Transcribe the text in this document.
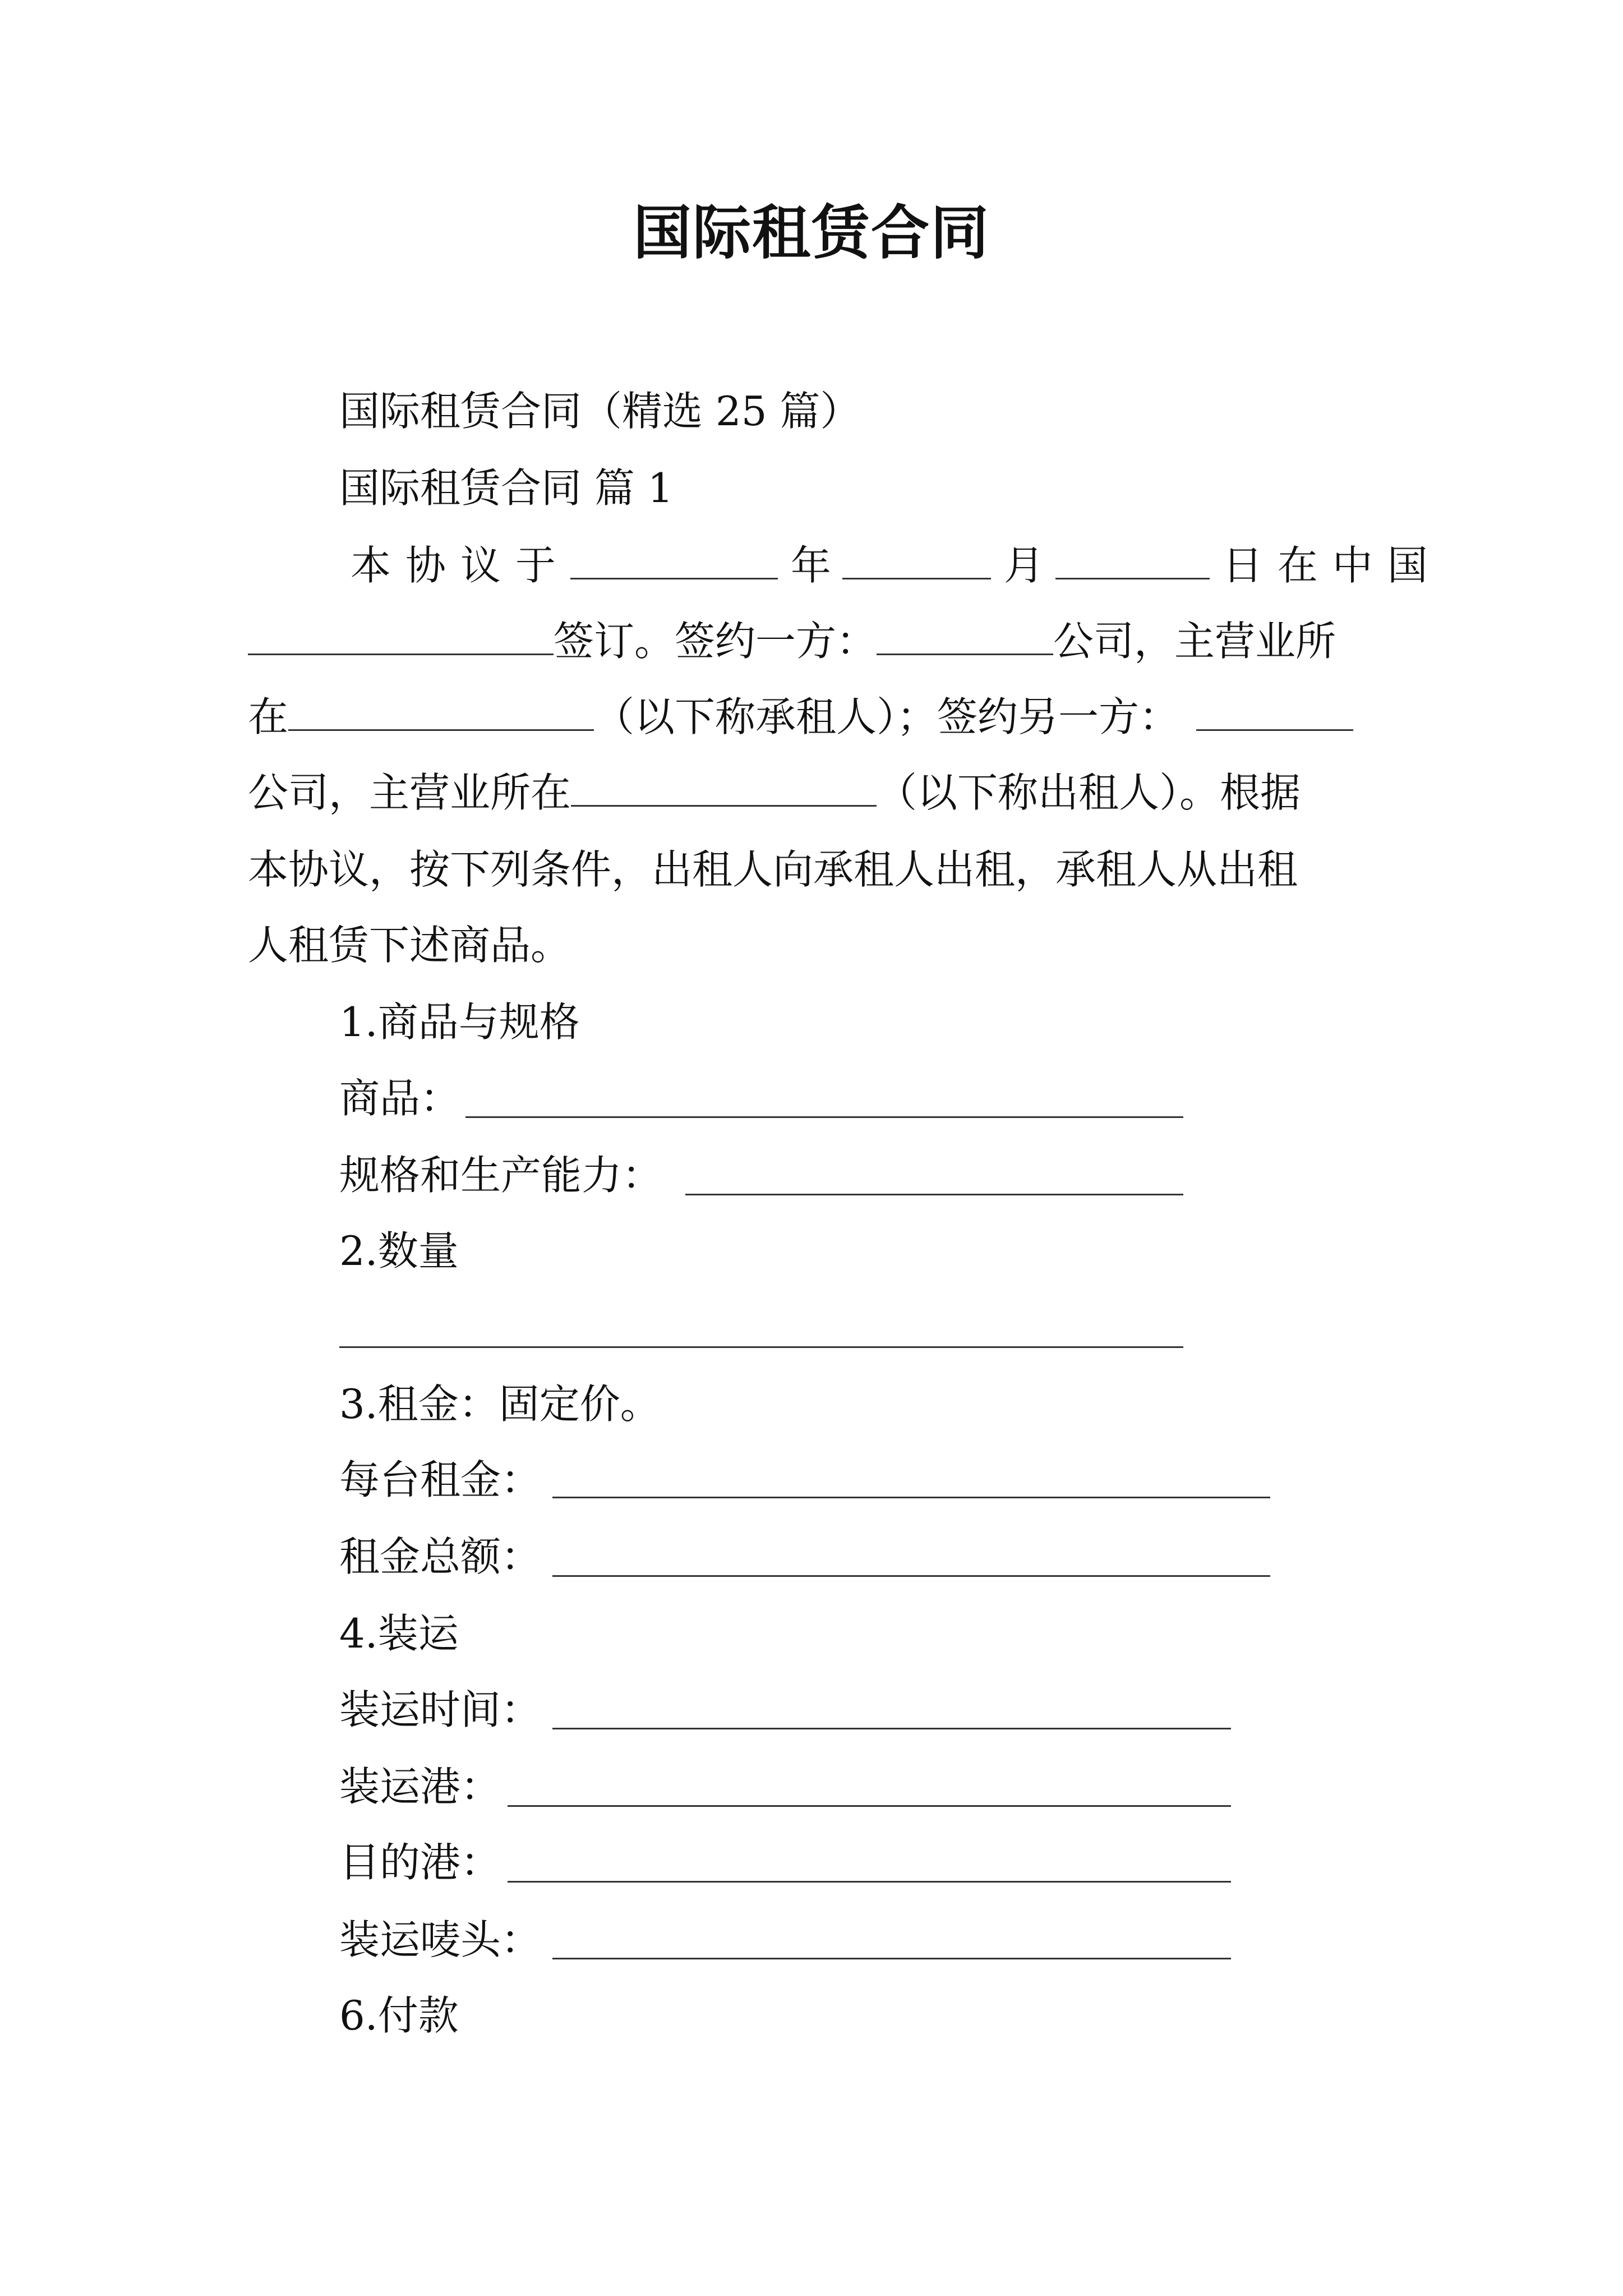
国际租赁合同
国际租赁合同（精选 25 篇）
国际租赁合同 篇 1
本协议于	年	月	日在中国
签订。签约一方：	公司，主营业所
在	（以下称承租人）；签约另一方：
公司，主营业所在	（以下称出租人）。根据
本协议，按下列条件，出租人向承租人出租，承租人从出租
人租赁下述商品。
1.商品与规格
商品：
规格和生产能力：
2.数量
3.租金：固定价。
每台租金：
租金总额：
4.装运
装运时间：
装运港：
目的港：
装运唛头：
6.付款
